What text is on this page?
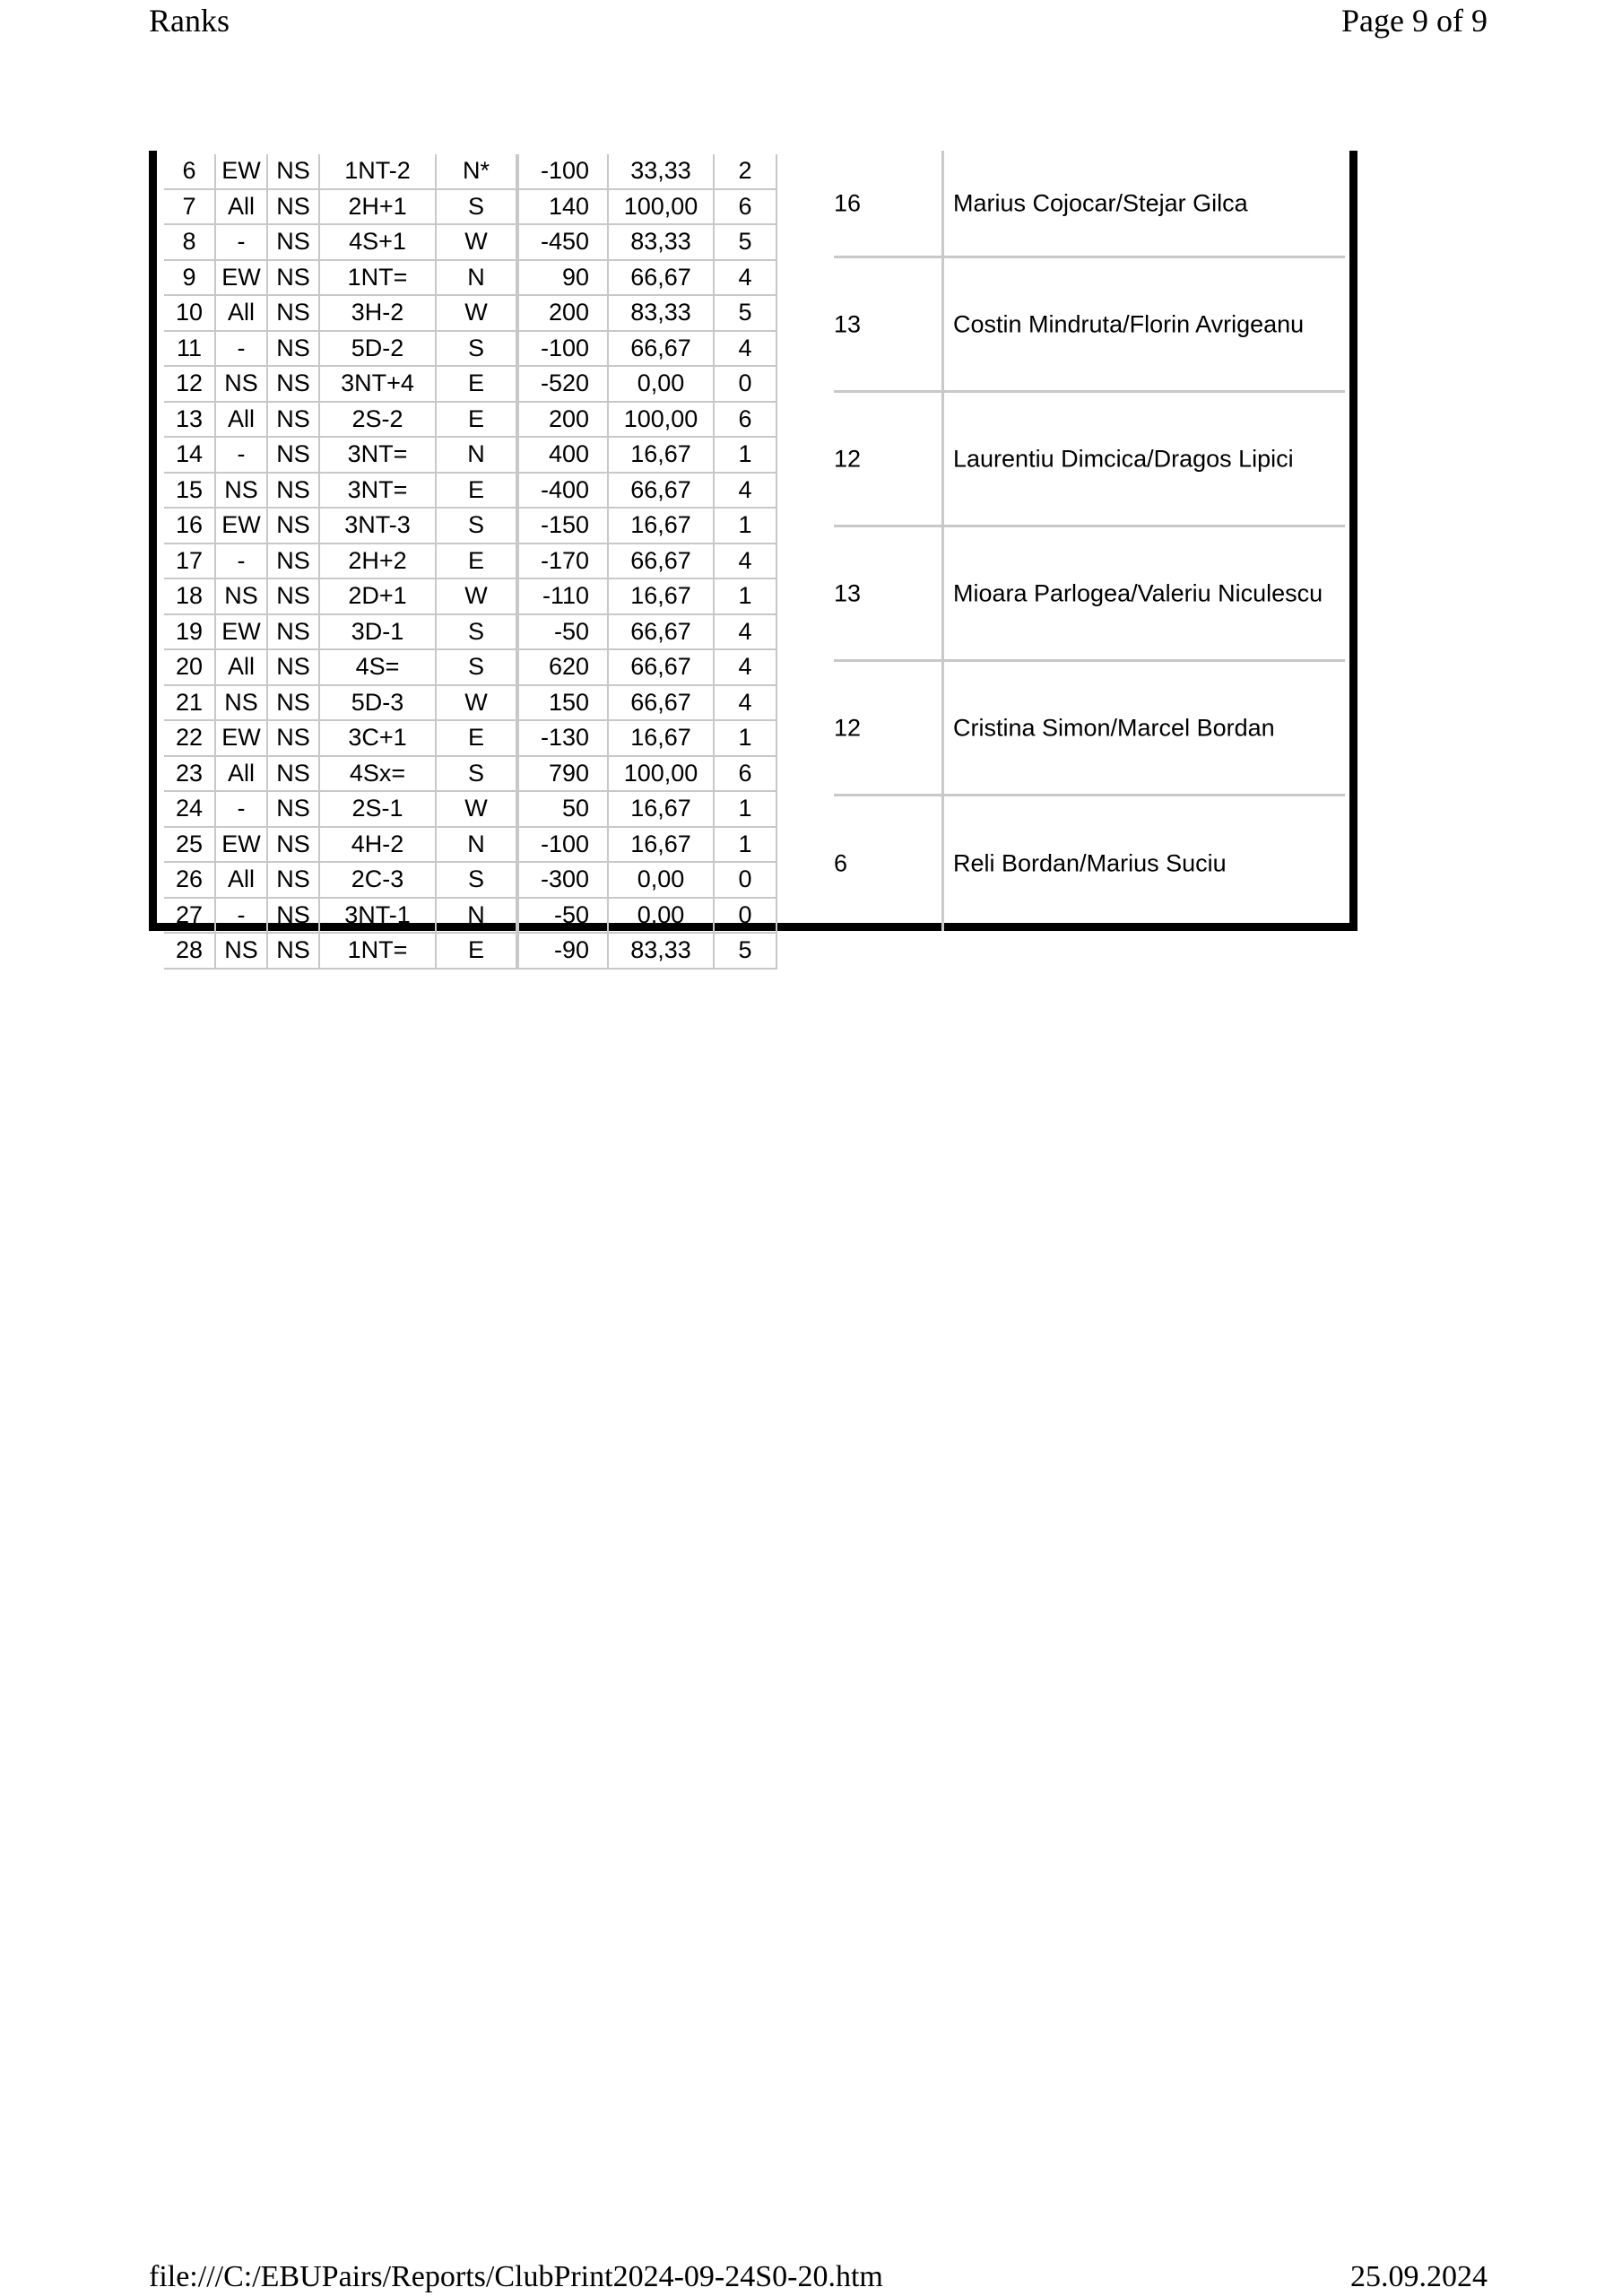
Ranks	Page 9 of 9
6	EW	NS	1NT-2	N*		-100	33,33	2
7	All	NS	2H+1	S		140	100,00	6
8	-	NS	4S+1	W		-450	83,33	5
9	EW	NS	1NT=	N		90	66,67	4
10	All	NS	3H-2	W		200	83,33	5
11	-	NS	5D-2	S		-100	66,67	4
12	NS	NS	3NT+4	E		-520	0,00	0
13	All	NS	2S-2	E		200	100,00	6
14	-	NS	3NT=	N		400	16,67	1
15	NS	NS	3NT=	E		-400	66,67	4
16	EW	NS	3NT-3	S		-150	16,67	1
17	-	NS	2H+2	E		-170	66,67	4
18	NS	NS	2D+1	W		-110	16,67	1
19	EW	NS	3D-1	S		-50	66,67	4
20	All	NS	4S=	S		620	66,67	4
21	NS	NS	5D-3	W		150	66,67	4
22	EW	NS	3C+1	E		-130	16,67	1
23	All	NS	4Sx=	S		790	100,00	6
24	-	NS	2S-1	W		50	16,67	1
25	EW	NS	4H-2	N		-100	16,67	1
26	All	NS	2C-3	S		-300	0,00	0
27	-	NS	3NT-1	N		-50	0,00	0
28	NS	NS	1NT=	E		-90	83,33	5
16	Marius Cojocar/Stejar Gilca
13	Costin Mindruta/Florin Avrigeanu
12	Laurentiu Dimcica/Dragos Lipici
13	Mioara Parlogea/Valeriu Niculescu
12	Cristina Simon/Marcel Bordan
6	Reli Bordan/Marius Suciu
file:///C:/EBUPairs/Reports/ClubPrint2024-09-24S0-20.htm	25.09.2024
